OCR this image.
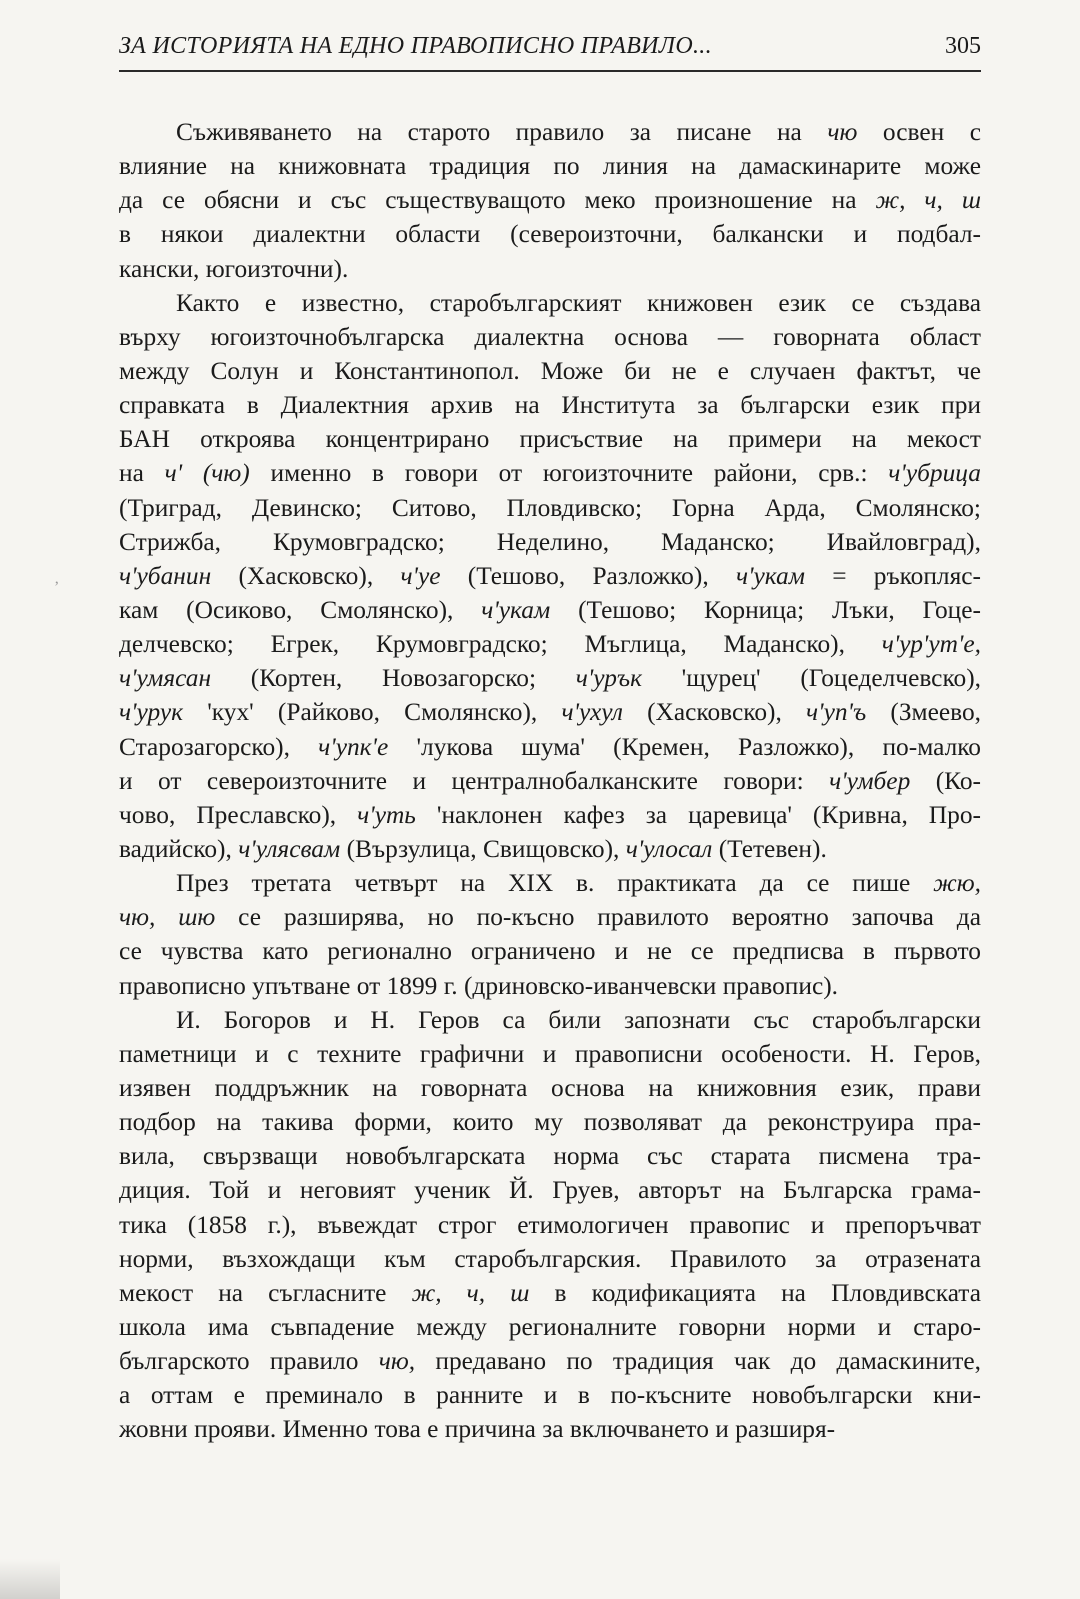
ЗА ИСТОРИЯТА НА ЕДНО ПРАВОПИСНО ПРАВИЛО...	305
ʼ
Съживяването на старото правило за писане на чю освен с
влияние на книжовната традиция по линия на дамаскинарите може
да се обясни и със съществуващото меко произношение на ж, ч, ш
в някои диалектни области (североизточни, балкански и подбал-
кански, югоизточни).
Както е известно, старобългарският книжовен език се създава
върху югоизточнобългарска диалектна основа — говорната област
между Солун и Константинопол. Може би не е случаен фактът, че
справката в Диалектния архив на Института за български език при
БАН откроява концентрирано присъствие на примери на мекост
на ч' (чю) именно в говори от югоизточните райони, срв.: ч'убрица
(Триград, Девинско; Ситово, Пловдивско; Горна Арда, Смолянско;
Стрижба, Крумовградско; Неделино, Маданско; Ивайловград),
ч'убанин (Хасковско), ч'уе (Тешово, Разложко), ч'укам = ръкопляс-
кам (Осиково, Смолянско), ч'укам (Тешово; Корница; Лъки, Гоце-
делчевско; Егрек, Крумовградско; Мъглица, Маданско), ч'ур'ут'е,
ч'умясан (Кортен, Новозагорско; ч'урък 'щурец' (Гоцеделчевско),
ч'урук 'кух' (Райково, Смолянско), ч'ухул (Хасковско), ч'уп'ъ (Змеево,
Старозагорско), ч'упк'е 'лукова шума' (Кремен, Разложко), по-малко
и от североизточните и централнобалканските говори: ч'умбер (Ко-
чово, Преславско), ч'уть 'наклонен кафез за царевица' (Кривна, Про-
вадийско), ч'улясвам (Вързулица, Свищовско), ч'улосал (Тетевен).
През третата четвърт на XIX в. практиката да се пише жю,
чю, шю се разширява, но по-късно правилото вероятно започва да
се чувства като регионално ограничено и не се предписва в първото
правописно упътване от 1899 г. (дриновско-иванчевски правопис).
И. Богоров и Н. Геров са били запознати със старобългарски
паметници и с техните графични и правописни особености. Н. Геров,
изявен поддръжник на говорната основа на книжовния език, прави
подбор на такива форми, които му позволяват да реконструира пра-
вила, свързващи новобългарската норма със старата писмена тра-
диция. Той и неговият ученик Й. Груев, авторът на Българска грама-
тика (1858 г.), въвеждат строг етимологичен правопис и препоръчват
норми, възхождащи към старобългарския. Правилото за отразената
мекост на съгласните ж, ч, ш в кодификацията на Пловдивската
школа има съвпадение между регионалните говорни норми и старо-
българското правило чю, предавано по традиция чак до дамаскините,
а оттам е преминало в ранните и в по-късните новобългарски кни-
жовни прояви. Именно това е причина за включването и разширя-
